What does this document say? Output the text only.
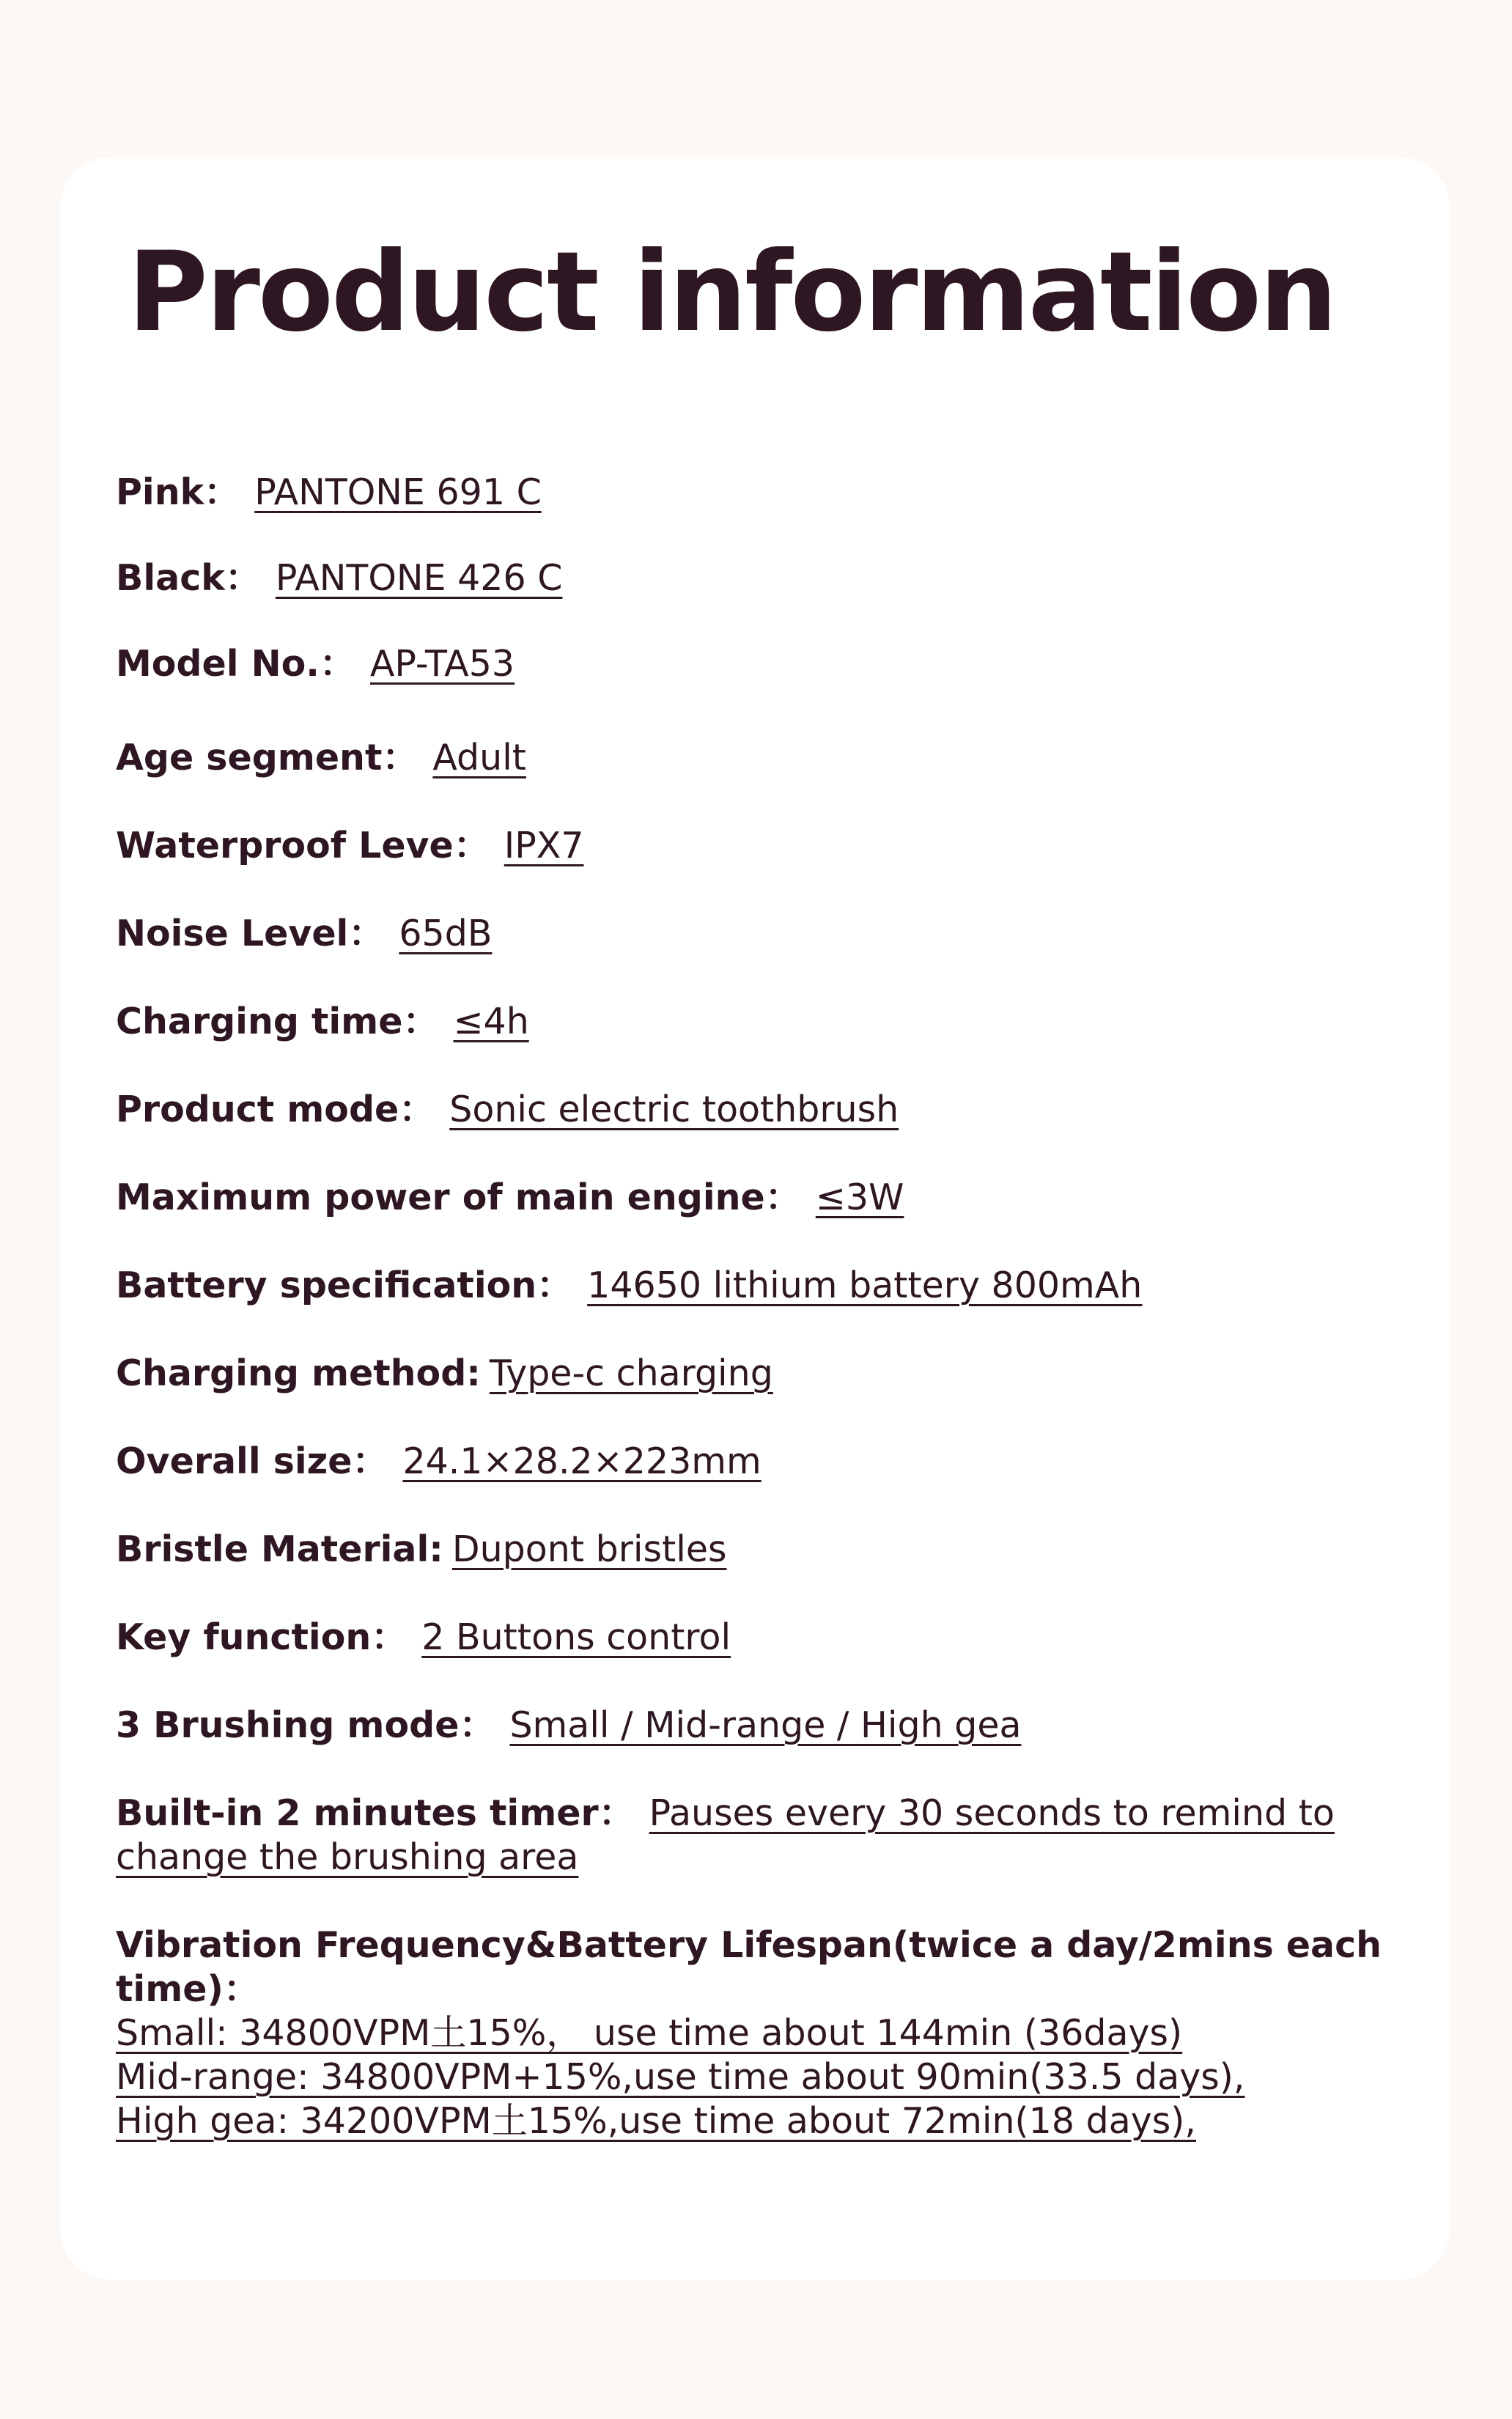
Product information
Pink： PANTONE 691 C
Black： PANTONE 426 C
Model No.： AP-TA53
Age segment： Adult
Waterproof Leve： IPX7
Noise Level： 65dB
Charging time： ≤4h
Product mode： Sonic electric toothbrush
Maximum power of main engine： ≤3W
Battery specification： 14650 lithium battery 800mAh
Charging method: Type-c charging
Overall size： 24.1×28.2×223mm
Bristle Material: Dupont bristles
Key function： 2 Buttons control
3 Brushing mode： Small / Mid-range / High gea
Built-in 2 minutes timer： Pauses every 30 seconds to remind to
change the brushing area
Vibration Frequency&Battery Lifespan(twice a day/2mins each time)：
Small: 34800VPM土15%， use time about 144min (36days)
Mid-range: 34800VPM+15%,use time about 90min(33.5 days),
High gea: 34200VPM土15%,use time about 72min(18 days),
